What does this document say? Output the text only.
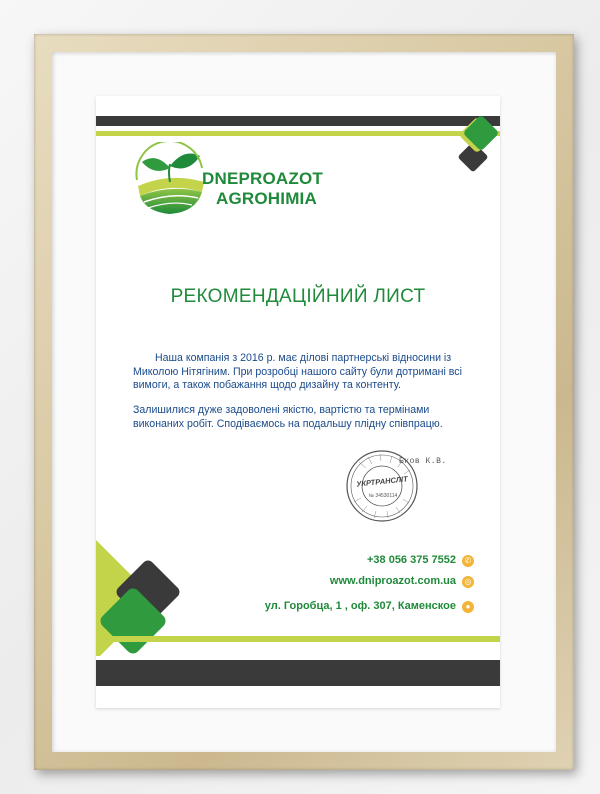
DNEPROAZOT
AGROHIMIA
РЕКОМЕНДАЦІЙНИЙ ЛИСТ
Наша компанія з 2016 р. має ділові партнерські відносини із Миколою Нітягіним. При розробці нашого сайту були дотримані всі вимоги, а також побажання щодо дизайну та контенту.
Залишилися дуже задоволені якістю, вартістю та термінами виконаних робіт. Сподіваємось на подальшу плідну співпрацю.
УКРТРАНСЛІТ
№ 34530114
Бков К.В.
+38 056 375 7552	✆
www.dniproazot.com.ua	◎
ул. Горобца, 1 , оф. 307, Каменское	●
